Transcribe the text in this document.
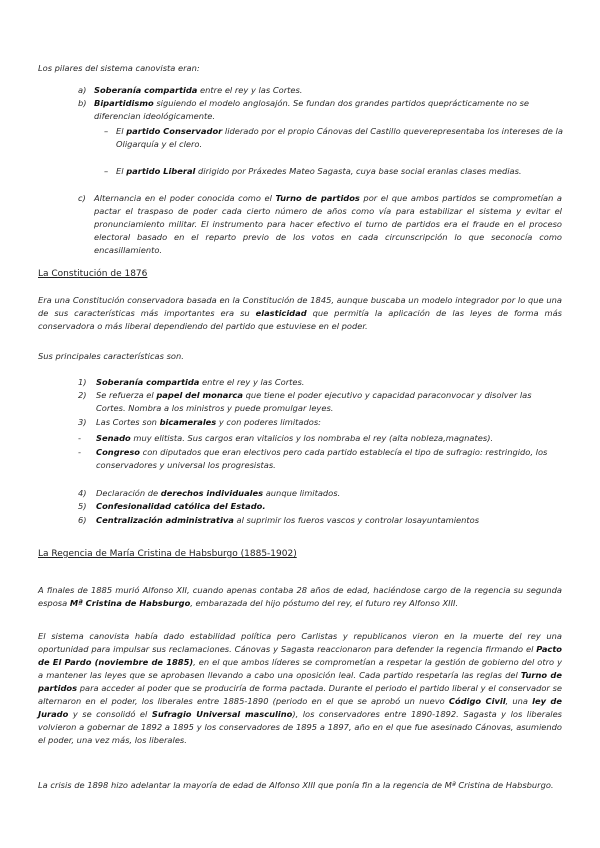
Los pilares del sistema canovista eran:

a) Soberanía compartida entre el rey y las Cortes.

b) Bipartidismo siguiendo el modelo anglosajón. Se fundan dos grandes partidos queprácticamente no se diferencian ideológicamente.

– El partido Conservador liderado por el propio Cánovas del Castillo queverepresentaba los intereses de la Oligarquía y el clero.

– El partido Liberal dirigido por Práxedes Mateo Sagasta, cuya base social eranlas clases medias.

c) Alternancia en el poder conocida como el Turno de partidos por el que ambos partidos se comprometían a pactar el traspaso de poder cada cierto número de años como vía para estabilizar el sistema y evitar el pronunciamiento militar. El instrumento para hacer efectivo el turno de partidos era el fraude en el proceso electoral basado en el reparto previo de los votos en cada circunscripción lo que seconocía como encasillamiento.

La Constitución de 1876

Era una Constitución conservadora basada en la Constitución de 1845, aunque buscaba un modelo integrador por lo que una de sus características más importantes era su elasticidad que permitía la aplicación de las leyes de forma más conservadora o más liberal dependiendo del partido que estuviese en el poder.

Sus principales características son.

1) Soberanía compartida entre el rey y las Cortes.

2) Se refuerza el papel del monarca que tiene el poder ejecutivo y capacidad paraconvocar y disolver las Cortes. Nombra a los ministros y puede promulgar leyes.

3) Las Cortes son bicamerales y con poderes limitados:

- Senado muy elitista. Sus cargos eran vitalicios y los nombraba el rey (alta nobleza,magnates).

- Congreso con diputados que eran electivos pero cada partido establecía el tipo de sufragio: restringido, los conservadores y universal los progresistas.

4) Declaración de derechos individuales aunque limitados.

5) Confesionalidad católica del Estado.

6) Centralización administrativa al suprimir los fueros vascos y controlar losayuntamientos

La Regencia de María Cristina de Habsburgo (1885-1902)

A finales de 1885 murió Alfonso XII, cuando apenas contaba 28 años de edad, haciéndose cargo de la regencia su segunda esposa Mª Cristina de Habsburgo, embarazada del hijo póstumo del rey, el futuro rey Alfonso XIII.

El sistema canovista había dado estabilidad política pero Carlistas y republicanos vieron en la muerte del rey una oportunidad para impulsar sus reclamaciones. Cánovas y Sagasta reaccionaron para defender la regencia firmando el Pacto de El Pardo (noviembre de 1885), en el que ambos líderes se comprometían a respetar la gestión de gobierno del otro y a mantener las leyes que se aprobasen llevando a cabo una oposición leal. Cada partido respetaría las reglas del Turno de partidos para acceder al poder que se produciría de forma pactada. Durante el periodo el partido liberal y el conservador se alternaron en el poder, los liberales entre 1885-1890 (periodo en el que se aprobó un nuevo Código Civil, una ley de Jurado y se consolidó el Sufragio Universal masculino), los conservadores entre 1890-1892. Sagasta y los liberales volvieron a gobernar de 1892 a 1895 y los conservadores de 1895 a 1897, año en el que fue asesinado Cánovas, asumiendo el poder, una vez más, los liberales.

La crisis de 1898 hizo adelantar la mayoría de edad de Alfonso XIII que ponía fin a la regencia de Mª Cristina de Habsburgo.
